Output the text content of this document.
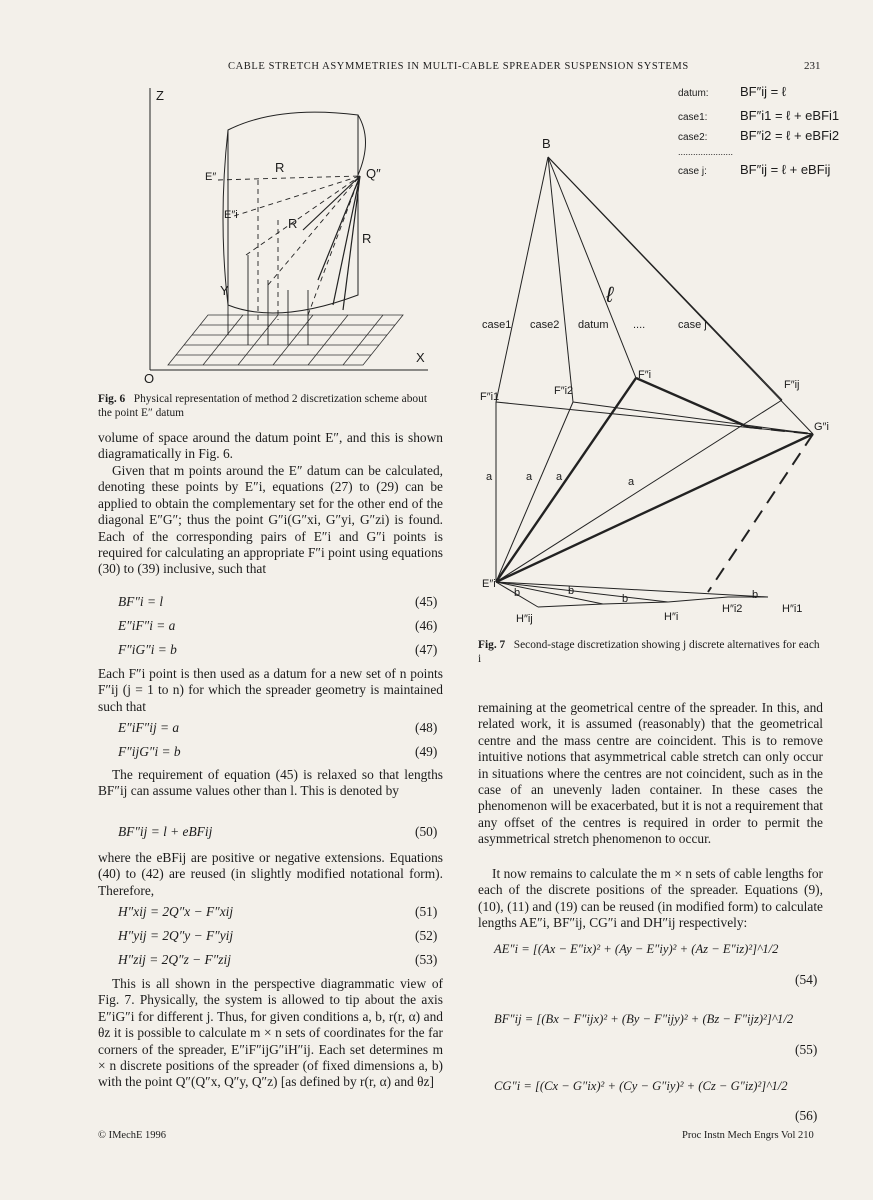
CABLE STRETCH ASYMMETRIES IN MULTI-CABLE SPREADER SUSPENSION SYSTEMS	231
Z
X
O
Y
E″
R
R
R
Q″
E″i
Fig. 6 Physical representation of method 2 discretization scheme about the point E″ datum

volume of space around the datum point E″, and this is shown diagramatically in Fig. 6.

Given that m points around the E″ datum can be calculated, denoting these points by E″i, equations (27) to (29) can be applied to obtain the complementary set for the other end of the diagonal E″G″; thus the point G″i(G″xi, G″yi, G″zi) is found. Each of the corresponding pairs of E″i and G″i points is required for calculating an appropriate F″i point using equations (30) to (39) inclusive, such that

BF″i = l	(45)
E″iF″i = a	(46)
F″iG″i = b	(47)

Each F″i point is then used as a datum for a new set of n points F″ij (j = 1 to n) for which the spreader geometry is maintained such that

E″iF″ij = a	(48)
F″ijG″i = b	(49)

The requirement of equation (45) is relaxed so that lengths BF″ij can assume values other than l. This is denoted by

BF″ij = l + eBFij	(50)

where the eBFij are positive or negative extensions. Equations (40) to (42) are reused (in slightly modified notational form). Therefore,

H″xij = 2Q″x − F″xij	(51)
H″yij = 2Q″y − F″yij	(52)
H″zij = 2Q″z − F″zij	(53)

This is all shown in the perspective diagrammatic view of Fig. 7. Physically, the system is allowed to tip about the axis E″iG″i for different j. Thus, for given conditions a, b, r(r, α) and θz it is possible to calculate m × n sets of coordinates for the far corners of the spreader, E″iF″ijG″iH″ij. Each set determines m × n discrete positions of the spreader (of fixed dimensions a, b) with the point Q″(Q″x, Q″y, Q″z) [as defined by r(r, α) and θz]

datum: BF″ij = ℓ
case1:	BF″i1 = ℓ + eBFi1
case2:	BF″i2 = ℓ + eBFi2
......................
case j:	BF″ij = ℓ + eBFij
B
ℓ
case1 case2 datum ....	case j
F″i1	F″i2
F″i
F″ij
G″i
E″i
a	a a	a
b	b
b	b
H″ij	H″i
H″i2	H″i1
Fig. 7 Second-stage discretization showing j discrete alternatives for each i

remaining at the geometrical centre of the spreader. In this, and related work, it is assumed (reasonably) that the geometrical centre and the mass centre are coincident. This is to remove intuitive notions that asymmetrical cable stretch can only occur in situations where the centres are not coincident, such as in the case of an unevenly laden container. In these cases the phenomenon will be exacerbated, but it is not a requirement that any offset of the centres is required in order to permit the asymmetrical stretch phenomenon to occur.

It now remains to calculate the m × n sets of cable lengths for each of the discrete positions of the spreader. Equations (9), (10), (11) and (19) can be reused (in modified form) to calculate lengths AE″i, BF″ij, CG″i and DH″ij respectively:

AE″i = [(Ax − E″ix)² + (Ay − E″iy)² + (Az − E″iz)²]^1/2
(54)
BF″ij = [(Bx − F″ijx)² + (By − F″ijy)² + (Bz − F″ijz)²]^1/2
(55)
CG″i = [(Cx − G″ix)² + (Cy − G″iy)² + (Cz − G″iz)²]^1/2
(56)
© IMechE 1996	Proc Instn Mech Engrs Vol 210
